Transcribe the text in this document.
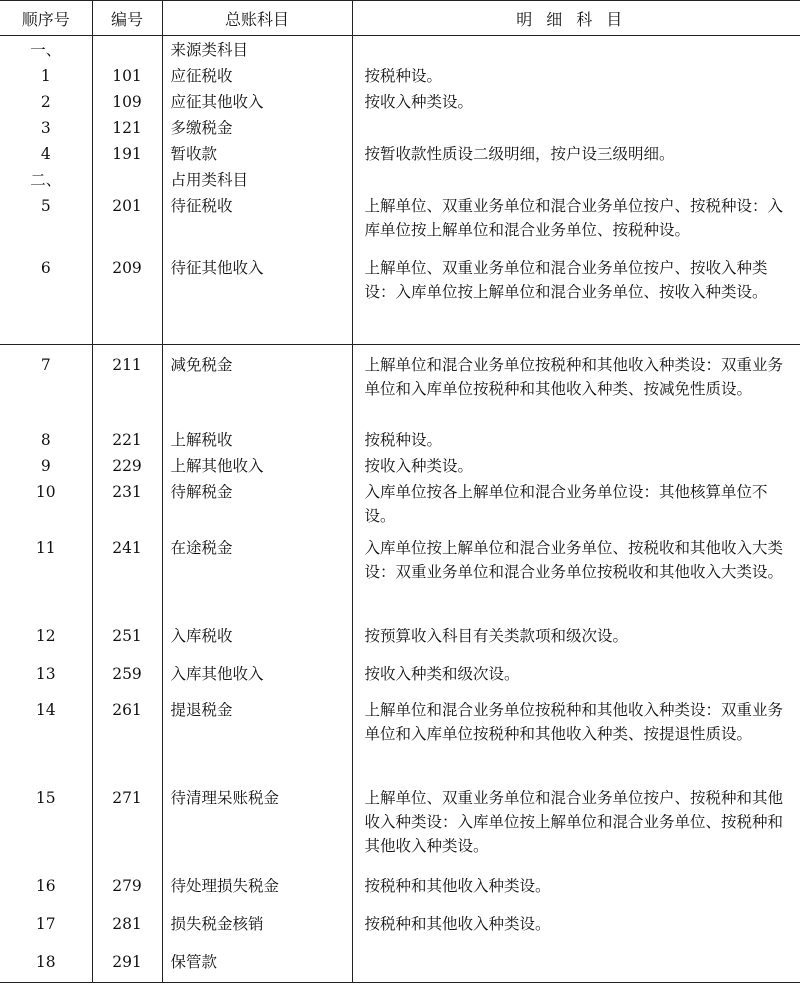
顺序号	编号	总账科目	明细科目
一、		来源类科目	
1	101	应征税收	按税种设。
2	109	应征其他收入	按收入种类设。
3	121	多缴税金	
4	191	暂收款	按暂收款性质设二级明细，按户设三级明细。
二、		占用类科目	
5	201	待征税收	上解单位、双重业务单位和混合业务单位按户、按税种设：入库单位按上解单位和混合业务单位、按税种设。
6	209	待征其他收入	上解单位、双重业务单位和混合业务单位按户、按收入种类设：入库单位按上解单位和混合业务单位、按收入种类设。
7	211	减免税金	上解单位和混合业务单位按税种和其他收入种类设：双重业务单位和入库单位按税种和其他收入种类、按减免性质设。
8	221	上解税收	按税种设。
9	229	上解其他收入	按收入种类设。
10	231	待解税金	入库单位按各上解单位和混合业务单位设：其他核算单位不设。
11	241	在途税金	入库单位按上解单位和混合业务单位、按税收和其他收入大类设：双重业务单位和混合业务单位按税收和其他收入大类设。
12	251	入库税收	按预算收入科目有关类款项和级次设。
13	259	入库其他收入	按收入种类和级次设。
14	261	提退税金	上解单位和混合业务单位按税种和其他收入种类设：双重业务单位和入库单位按税种和其他收入种类、按提退性质设。
15	271	待清理呆账税金	上解单位、双重业务单位和混合业务单位按户、按税种和其他收入种类设：入库单位按上解单位和混合业务单位、按税种和其他收入种类设。
16	279	待处理损失税金	按税种和其他收入种类设。
17	281	损失税金核销	按税种和其他收入种类设。
18	291	保管款	
